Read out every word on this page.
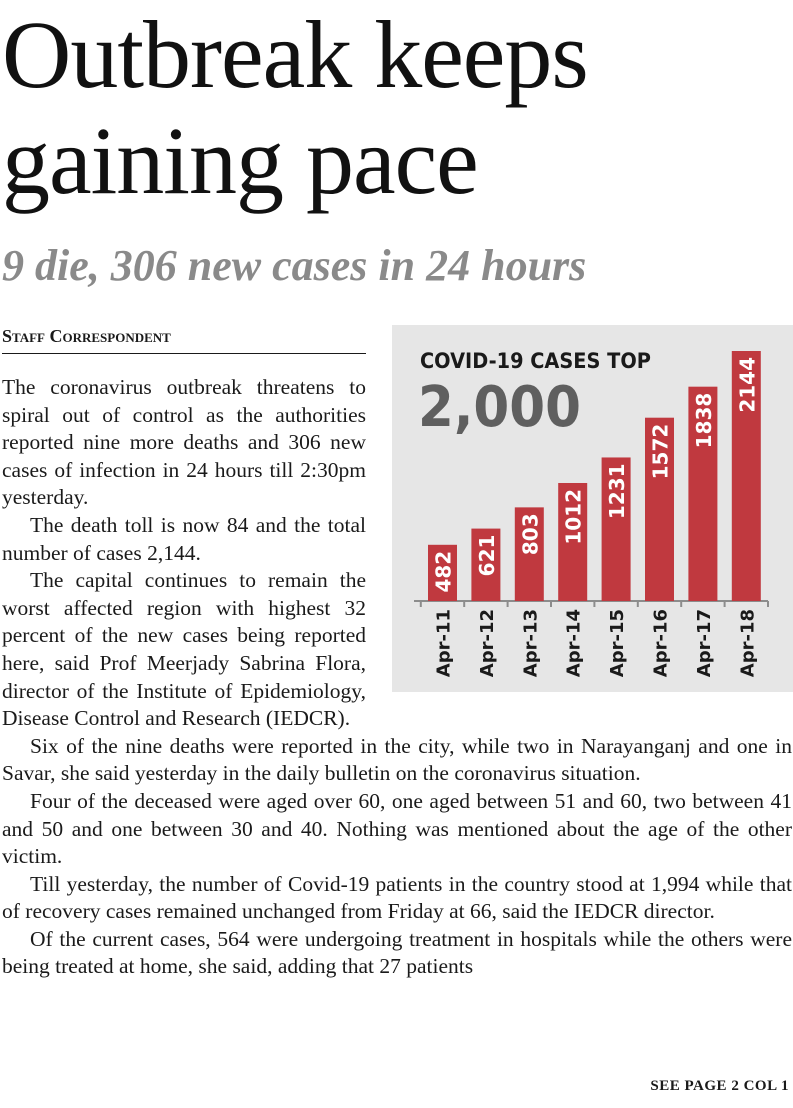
Outbreak keeps gaining pace
9 die, 306 new cases in 24 hours
Staff Correspondent
482
Apr-11
621
Apr-12
803
Apr-13
1012
Apr-14
1231
Apr-15
1572
Apr-16
1838
Apr-17
2144
Apr-18
COVID-19 CASES TOP
2,000

The coronavirus outbreak threatens to spiral out of control as the authorities reported nine more deaths and 306 new cases of infection in 24 hours till 2:30pm yesterday.

The death toll is now 84 and the total number of cases 2,144.

The capital continues to remain the worst affected region with highest 32 percent of the new cases being reported here, said Prof Meerjady Sabrina Flora, director of the Institute of Epidemiology, Disease Control and Research (IEDCR).

Six of the nine deaths were reported in the city, while two in Narayanganj and one in Savar, she said yesterday in the daily bulletin on the coronavirus situation.

Four of the deceased were aged over 60, one aged between 51 and 60, two between 41 and 50 and one between 30 and 40. Nothing was mentioned about the age of the other victim.

Till yesterday, the number of Covid-19 patients in the country stood at 1,994 while that of recovery cases remained unchanged from Friday at 66, said the IEDCR director.

Of the current cases, 564 were undergoing treatment in hospitals while the others were being treated at home, she said, adding that 27 patients

SEE PAGE 2 COL 1
